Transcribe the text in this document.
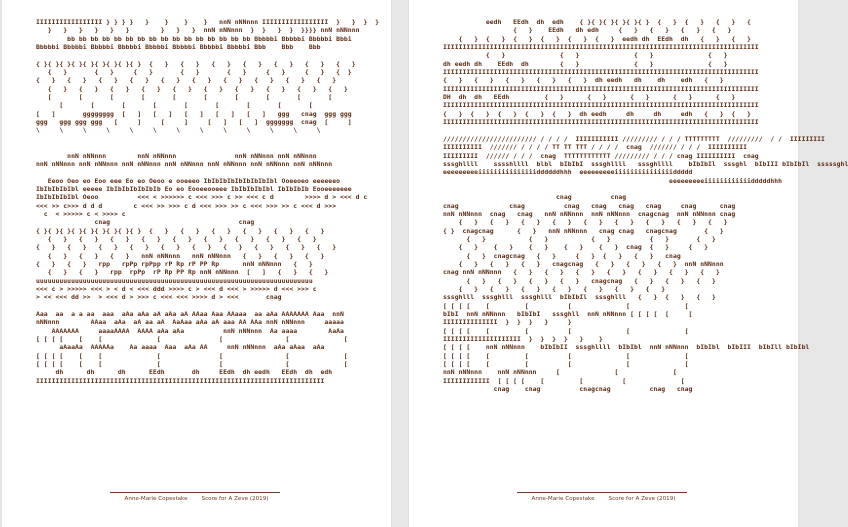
IIIIIIIIIIIIIIIII } } } }   }    }    }    }   nnN nNNnnn IIIIIIIIIIIIIIIII  }   }  }  }
}   }   }   }   }   }        }   }   }  nnN nNNnnn  }  }   }  }  }}}} nnN nNNnnn
bb bb bb bb bb bb bb bb bb bb bb bb bb bb bb bb Bbbbbi Bbbbbi Bbbbbi Bbbi
Bbbbbi Bbbbbi Bbbbbi Bbbbbi Bbbbbi Bbbbbi Bbbbbi Bbbbbi Bbb    Bbb    Bbb
{ }{ }{ }{ }{ }{ }{ }{ }{ }  {   }   {   }   {   }   {   }   {   }   {   }   {   }
{   }       {   }     {   }       {   }       {   }     {   }     {   }   {  }
{   }   {   }   {   }   {   }   {   }   {   }   {   }   {   }   {   }   {   }
{   }   {   }   {   }   {   }   {   }   {   }   {   }   {   }   {   }   {   }
[       [       [       [       [       [       [       [       [       [
[       [       [       [       [       [       [       [       [
[   ]       gggggggg  [   ]   [   ]   [   ]   [   ]   [   ]   ggg   cnag  ggg ggg
ggg   ggg ggg ggg   [     ]     [     ]     [   ]   [   ]  ggggggg  cnag  [     ]
\     \     \     \     \     \     \     \     \     \     \     \     \
nnN nNNnnn        nnN nNNnnn               nnN nNNnnn nnN nNNnnn
nnN nNNnnn nnN nNNnnn nnN nNNnnn nnN nNNnnn nnN nNNnnn nnN nNNnnn nnN nNNnnn
Eeoo Oeo eo Eoo eee Eo eo Oeoo e ooeeeo IbIbIbIbIbIbIbIbIbl Ooeeoeo eeeeeeo
IbIbIbIbIbl eeeee IbIbIbIbIbIbIb Eo eo Eooeeooeee IbIbIbIbIbl IbIbIbIb Eooeeeeeee
IbIbIbIbIbl Oeoo          <<< < >>>>>> c <<< >>> c >> <<< c d        >>>> d > <<< d c
<<< >> c>>> d d d        c <<< >> >>> c d <<< >>> >> c <<< >>> >> c <<< d >>>
c  < >>>>> c < >>>> c
cnag                                 cnag
{ }{ }{ }{ }{ }{ }{ }{ }{ }  {   }   {   }   {   }   {   }   {   }   {   }
{   }   {   }   {   }   {   }   {   }   {   }   {   }   {   }   {   }
{   }   {   }   {   }   {   }   {   }   {   }   {   }   {   }   {   }   {   }
{   }   {   }   {   }   nnN nNNnnn   nnN nNNnnn   {   }   {   }   {   }
{   }   {   }   rpp   rpPp rpPpp rP Rp rP PP Rp      nnN nNNnnn   {   }
{   }   {   }   rpp  rpPp  rP Rp PP Rp nnN nNNnnn  [   ]   {   }   {   }
uuuuuuuuuuuuuuuuuuuuuuuuuuuuuuuuuuuuuuuuuuuuuuuuuuuuuuuuuuuuuuuuuuuuuuu
<<< c > >>>>> <<< > < d < <<< ddd >>>> c > <<< d <<< > >>>>> d <<< >>> c
> << <<< dd >>  > <<< d > >>> c <<< <<< >>>> d > <<<       cnag
Aaa  aa  a a aa  aaa  aAa aAa aA aAa aA AAaa Aaa AAaaa  aa aAa AAAAAAA Aaa  nnN
nNNnnn        AAaa  aAa  aA aa aA  AaAaa aAa aA aaa AA AAa nnN nNNnnn     aaaaa
AAAAAAA     aaaaAAAA  AAAA aAa aAa          nnN nNNnnn  Aa aaaa        AaAa
[ [ [ [    [    [              [               [                [              [
aAaaAa  AAAAAa    Aa aaaa  Aaa  aAa AA     nnN nNNnnn  aAa aAaa  aAa
[ [ [ [    [    [              [               [                [              [
[ [ [ [    [    [              [               [                [              [
dh      dh      dh      EEdh       dh     EEdh  dh eedh   EEdh  dh  edh
IIIIIIIIIIIIIIIIIIIIIIIIIIIIIIIIIIIIIIIIIIIIIIIIIIIIIIIIIIIIIIIIIIIIIIIIII
Anne-Marie Copestake	Score for A Zeve (2019)
eedh   EEdh  dh  edh    { }{ }{ }{ }{ }{ }  {   }  {   }   {   }   {
{   }    EEdh   dh edh     {   }   {   }   {   }   {   }
{   }  {   }  {   }  {   }  {   }  {   }  eedh dh  EEdh  dh   {   }   {   }
IIIIIIIIIIIIIIIIIIIIIIIIIIIIIIIIIIIIIIIIIIIIIIIIIIIIIIIIIIIIIIIIIIIIIIIIIIIIIIIII
{   }              {   }              {   }              {   }
dh eedh dh    EEdh  dh        {   }              {   }              {   }
IIIIIIIIIIIIIIIIIIIIIIIIIIIIIIIIIIIIIIIIIIIIIIIIIIIIIIIIIIIIIIIIIIIIIIIIIIIIIIIII
{   }   {   }   {   }   {   }   {   }  dh eedh   dh    dh    edh   {   }
IIIIIIIIIIIIIIIIIIIIIIIIIIIIIIIIIIIIIIIIIIIIIIIIIIIIIIIIIIIIIIIIIIIIIIIIIIIIIIIII
DH  dh  dh   EEdh         {   }      {   }      {   }      {   }      {   }
IIIIIIIIIIIIIIIIIIIIIIIIIIIIIIIIIIIIIIIIIIIIIIIIIIIIIIIIIIIIIIIIIIIIIIIIIIIIIIIII
{   }  {   }  {   }  {   }  {   }  dh eedh     dh     dh     edh   {   }  {   }
IIIIIIIIIIIIIIIIIIIIIIIIIIIIIIIIIIIIIIIIIIIIIIIIIIIIIIIIIIIIIIIIIIIIIIIIIIIIIIIII
//////////////////////// / / / /  IIIIIIIIIII ///////// / / / TTTTTTTTT  /////////  / /  IIIIIIIII
IIIIIIIIII  /////// / / / / TT TT TTT / / / /  cnag  /////// / / /  IIIIIIIIII
IIIIIIIII  ////// / / /  cnag  TTTTTTTTTTTT ///////// / / / cnag IIIIIIIIII  cnag
sssghllll    sssshllll  blbl  bIbIbI  sssghllll   sssghllll    bIbIbIl  sssghl  bIbIII bIbIbIl  sssssghl
eeeeeeeeeiiiiiiiiiiiiiiiddddddhhh  eeeeeeeeeiiiiiiiiiiiiiiiddddd
eeeeeeeeeiiiiiiiiiiiidddddhhh
cnag          cnag
cnag             cnag          cnag   cnag   cnag   cnag     cnag      cnag
nnN nNNnnn  cnag   cnag   nnN nNNnnn  nnN nNNnnn  cnagcnag  nnN nNNnnn cnag
{   }   {   }   {   }   {   }   {   }   {   }   {   }   {   }   {   }
{ }  cnagcnag      {   }   nnN nNNnnn   cnag cnag   cnagcnag       {   }
{   }           {   }           {   }          {   }       {   }
{   }    {   }    {   }    {   }    {   }  cnag  {   }     {   }
{   }  cnagcnag   {   }     {   }  {   }   {   }   cnag
{   }   {   }   {   }   cnagcnag   {   }   {   }   {   }  nnN nNNnnn
cnag nnN nNNnnn   {   }   {   }   {   }   {   }   {   }   {   }   {   }
{   }   {   }   {   }   {   }   cnagcnag   {   }   {   }   {   }
{   }   {   }   {   }   {   }   {   }   {   }   {   }
sssghlll  sssghlll  sssghlll  bIbIbIl  sssghlll   {   }  {   }   {   }
[ [ [ [    [         [          [              [              [
bIbI  nnN nNNnnn   bIbIbI   sssghll  nnN nNNnnn [ [ [ [  [     [
IIIIIIIIIIIIII  }  }  }   }     }
[ [ [ [    [         [          [              [              [
IIIIIIIIIIIIIIIIIIII  }  }  }  }   }    }
[ [ [ [    nnN nNNnnn    bIbIbII  sssghllll  bIbIbl  nnN nNNnnn  bIbIbl  bIbIII  bIbIll bIbIbl
[ [ [ [    [         [          [              [              [
[ [ [ [    [         [          [              [              [
nnN nNNnnn    nnN nNNnnn     [              [              [
IIIIIIIIIIII  [ [ [ [    [         [          [              [
cnag    cnag          cnagcnag          cnag   cnag
Anne-Marie Copestake	Score for A Zeve (2019)
